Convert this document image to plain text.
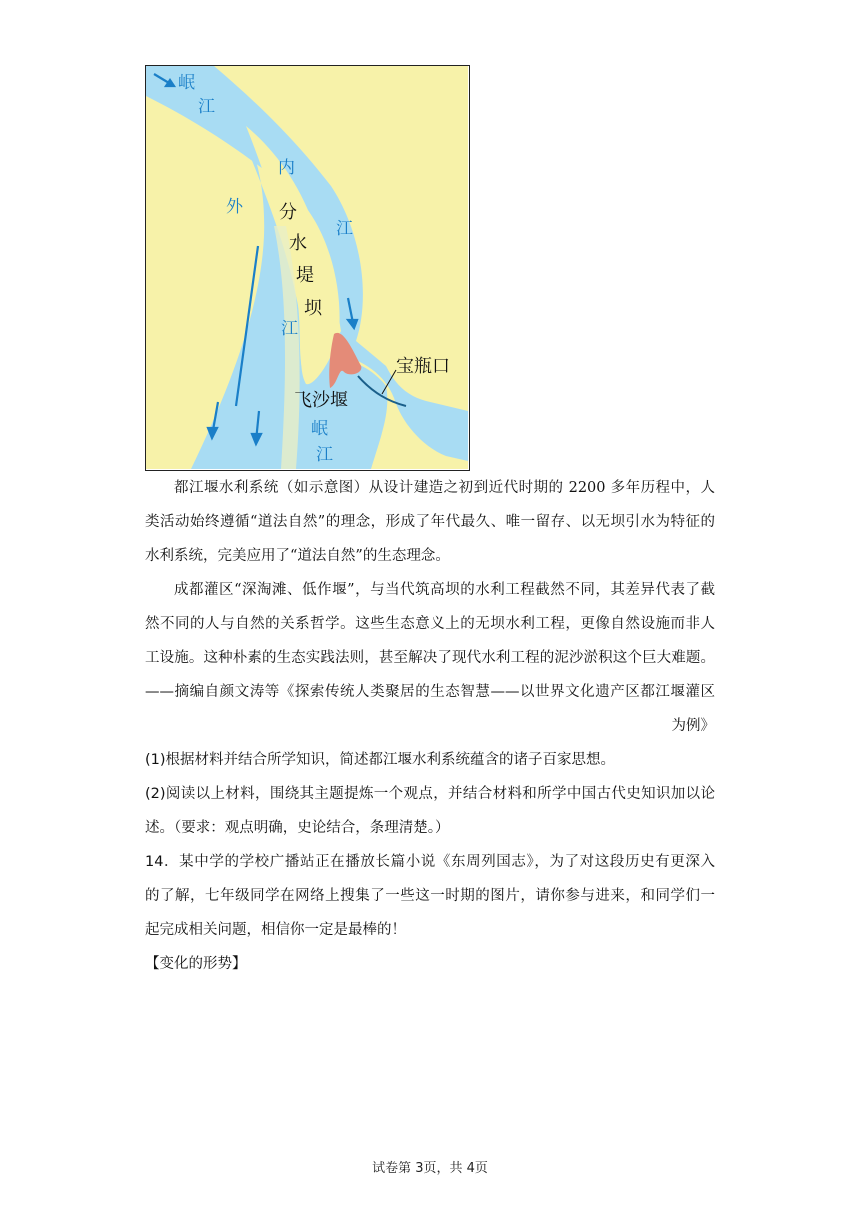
岷
江
内
江
外
江
岷
江
分
水
堤
坝
宝瓶口
飞沙堰

都江堰水利系统（如示意图）从设计建造之初到近代时期的 2200 多年历程中，人

类活动始终遵循“道法自然”的理念，形成了年代最久、唯一留存、以无坝引水为特征的

水利系统，完美应用了“道法自然”的生态理念。

成都灌区“深淘滩、低作堰”，与当代筑高坝的水利工程截然不同，其差异代表了截

然不同的人与自然的关系哲学。这些生态意义上的无坝水利工程，更像自然设施而非人

工设施。这种朴素的生态实践法则，甚至解决了现代水利工程的泥沙淤积这个巨大难题。

——摘编自颜文涛等《探索传统人类聚居的生态智慧——以世界文化遗产区都江堰灌区

为例》

(1)根据材料并结合所学知识，简述都江堰水利系统蕴含的诸子百家思想。

(2)阅读以上材料，围绕其主题提炼一个观点，并结合材料和所学中国古代史知识加以论

述。（要求：观点明确，史论结合，条理清楚。）

14．某中学的学校广播站正在播放长篇小说《东周列国志》，为了对这段历史有更深入

的了解，七年级同学在网络上搜集了一些这一时期的图片，请你参与进来，和同学们一

起完成相关问题，相信你一定是最棒的！

【变化的形势】

试卷第 3页，共 4页
